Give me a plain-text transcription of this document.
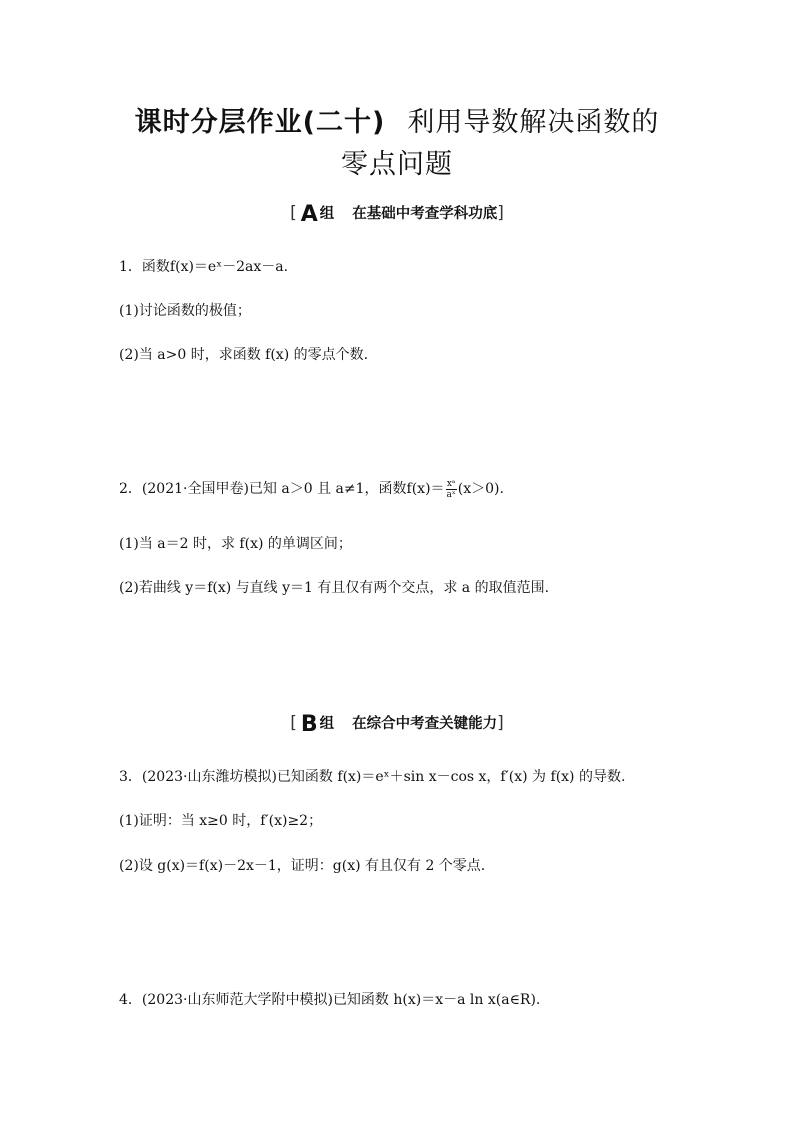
课时分层作业(二十) 利用导数解决函数的
零点问题
[ A 组 在基础中考查学科功底]
1．函数f(x)＝eˣ－2ax－a.
(1)讨论函数的极值；
(2)当 a>0 时，求函数 f(x) 的零点个数.
2．(2021·全国甲卷)已知 a＞0 且 a≠1，函数$f(x)= \frac{\text{xᵃ}}{\text{aˣ}} (x>0)$.
(1)当 a＝2 时，求 f(x) 的单调区间；
(2)若曲线 y＝f(x) 与直线 y＝1 有且仅有两个交点，求 a 的取值范围.
[ B 组 在综合中考查关键能力]
3．(2023·山东潍坊模拟)已知函数 f(x)＝eˣ＋sin x－cos x，f′(x) 为 f(x) 的导数.
(1)证明：当 x≥0 时，f′(x)≥2；
(2)设 g(x)＝f(x)－2x－1，证明：g(x) 有且仅有 2 个零点.
4．(2023·山东师范大学附中模拟)已知函数 h(x)＝x－a ln x(a∈R).
